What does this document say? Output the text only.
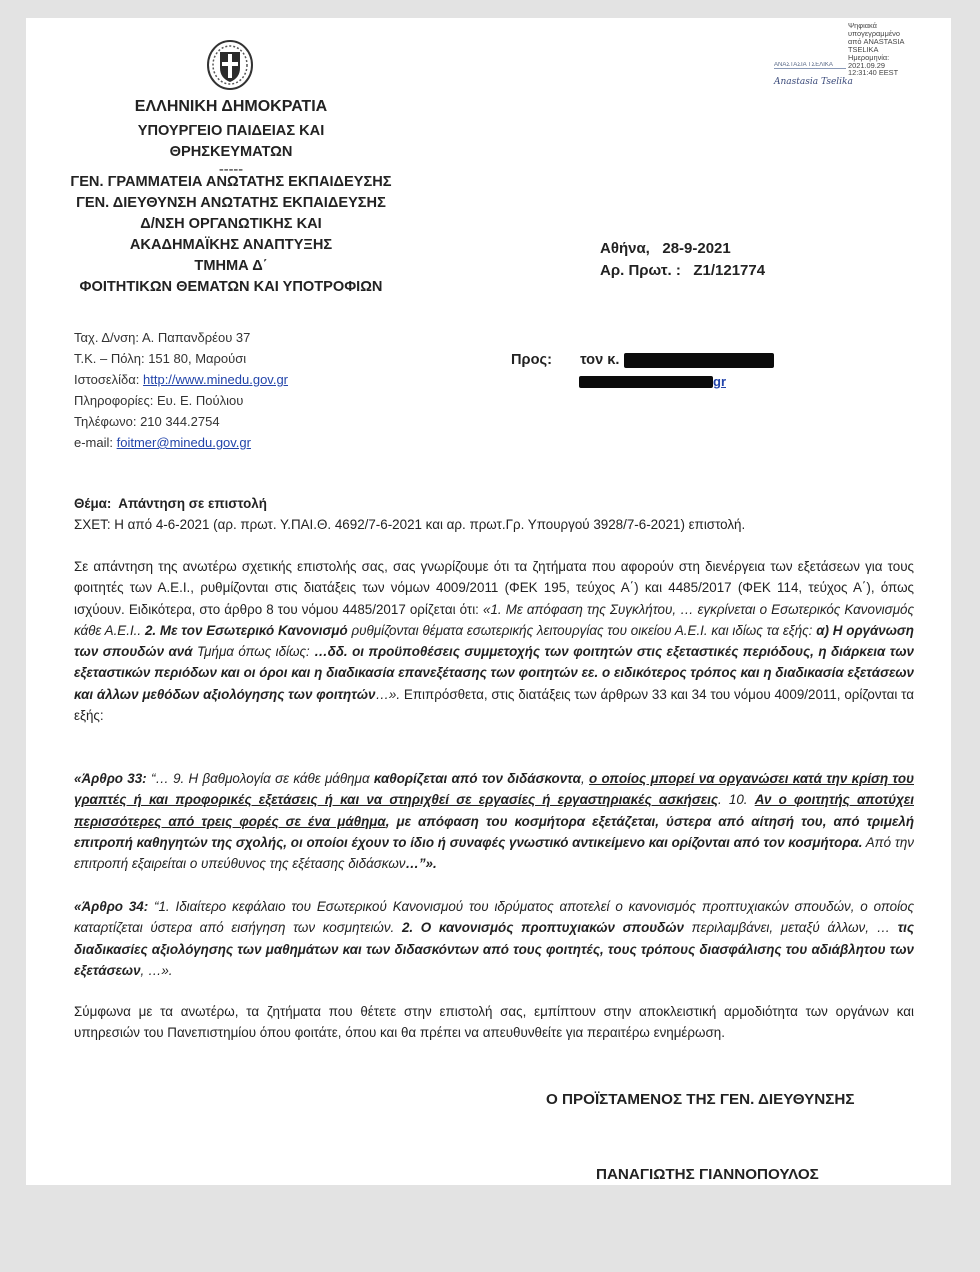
ΕΛΛΗΝΙΚΗ ΔΗΜΟΚΡΑΤΙΑ
ΥΠΟΥΡΓΕΙΟ ΠΑΙΔΕΙΑΣ ΚΑΙ ΘΡΗΣΚΕΥΜΑΤΩΝ
-----
ΓΕΝ. ΓΡΑΜΜΑΤΕΙΑ ΑΝΩΤΑΤΗΣ ΕΚΠΑΙΔΕΥΣΗΣ
ΓΕΝ. ΔΙΕΥΘΥΝΣΗ ΑΝΩΤΑΤΗΣ ΕΚΠΑΙΔΕΥΣΗΣ
Δ/ΝΣΗ ΟΡΓΑΝΩΤΙΚΗΣ ΚΑΙ
ΑΚΑΔΗΜΑΪΚΗΣ ΑΝΑΠΤΥΞΗΣ
ΤΜΗΜΑ Δ΄
ΦΟΙΤΗΤΙΚΩΝ ΘΕΜΑΤΩΝ ΚΑΙ ΥΠΟΤΡΟΦΙΩΝ
ΑΝΑΣΤΑΣΙΑ ΤΣΕΛΙΚΑ
Anastasia Tselika
Ψηφιακά
υπογεγραμμένο
από ANASTASIA
TSELIKA
Ημερομηνία:
2021.09.29
12:31:40 EEST
Αθήνα, 28-9-2021
Αρ. Πρωτ. : Ζ1/121774
Ταχ. Δ/νση: Α. Παπανδρέου 37
Τ.Κ. – Πόλη: 151 80, Μαρούσι
Ιστοσελίδα: http://www.minedu.gov.gr
Πληροφορίες: Ευ. Ε. Πούλιου
Τηλέφωνο: 210 344.2754
e-mail: foitmer@minedu.gov.gr
Προς: τον κ.
gr
Θέμα: Απάντηση σε επιστολή
ΣΧΕΤ: Η από 4-6-2021 (αρ. πρωτ. Υ.ΠΑΙ.Θ. 4692/7-6-2021 και αρ. πρωτ.Γρ. Υπουργού 3928/7-6-2021) επιστολή.

Σε απάντηση της ανωτέρω σχετικής επιστολής σας, σας γνωρίζουμε ότι τα ζητήματα που αφορούν στη διενέργεια των εξετάσεων για τους φοιτητές των Α.Ε.Ι., ρυθμίζονται στις διατάξεις των νόμων 4009/2011 (ΦΕΚ 195, τεύχος Α΄) και 4485/2017 (ΦΕΚ 114, τεύχος Α΄), όπως ισχύουν. Ειδικότερα, στο άρθρο 8 του νόμου 4485/2017 ορίζεται ότι: «1. Με απόφαση της Συγκλήτου, … εγκρίνεται ο Εσωτερικός Κανονισμός κάθε Α.Ε.Ι.. 2. Με τον Εσωτερικό Κανονισμό ρυθμίζονται θέματα εσωτερικής λειτουργίας του οικείου Α.Ε.Ι. και ιδίως τα εξής: α) Η οργάνωση των σπουδών ανά Τμήμα όπως ιδίως: …δδ. οι προϋποθέσεις συμμετοχής των φοιτητών στις εξεταστικές περιόδους, η διάρκεια των εξεταστικών περιόδων και οι όροι και η διαδικασία επανεξέτασης των φοιτητών εε. ο ειδικότερος τρόπος και η διαδικασία εξετάσεων και άλλων μεθόδων αξιολόγησης των φοιτητών…». Επιπρόσθετα, στις διατάξεις των άρθρων 33 και 34 του νόμου 4009/2011, ορίζονται τα εξής:

«Άρθρο 33: “… 9. Η βαθμολογία σε κάθε μάθημα καθορίζεται από τον διδάσκοντα, ο οποίος μπορεί να οργανώσει κατά την κρίση του γραπτές ή και προφορικές εξετάσεις ή και να στηριχθεί σε εργασίες ή εργαστηριακές ασκήσεις. 10. Αν ο φοιτητής αποτύχει περισσότερες από τρεις φορές σε ένα μάθημα, με απόφαση του κοσμήτορα εξετάζεται, ύστερα από αίτησή του, από τριμελή επιτροπή καθηγητών της σχολής, οι οποίοι έχουν το ίδιο ή συναφές γνωστικό αντικείμενο και ορίζονται από τον κοσμήτορα. Από την επιτροπή εξαιρείται ο υπεύθυνος της εξέτασης διδάσκων…”».

«Άρθρο 34: “1. Ιδιαίτερο κεφάλαιο του Εσωτερικού Κανονισμού του ιδρύματος αποτελεί ο κανονισμός προπτυχιακών σπουδών, ο οποίος καταρτίζεται ύστερα από εισήγηση των κοσμητειών. 2. Ο κανονισμός προπτυχιακών σπουδών περιλαμβάνει, μεταξύ άλλων, … τις διαδικασίες αξιολόγησης των μαθημάτων και των διδασκόντων από τους φοιτητές, τους τρόπους διασφάλισης του αδιάβλητου των εξετάσεων, …».

Σύμφωνα με τα ανωτέρω, τα ζητήματα που θέτετε στην επιστολή σας, εμπίπτουν στην αποκλειστική αρμοδιότητα των οργάνων και υπηρεσιών του Πανεπιστημίου όπου φοιτάτε, όπου και θα πρέπει να απευθυνθείτε για περαιτέρω ενημέρωση.

Ο ΠΡΟΪΣΤΑΜΕΝΟΣ ΤΗΣ ΓΕΝ. ΔΙΕΥΘΥΝΣΗΣ
ΠΑΝΑΓΙΩΤΗΣ ΓΙΑΝΝΟΠΟΥΛΟΣ
